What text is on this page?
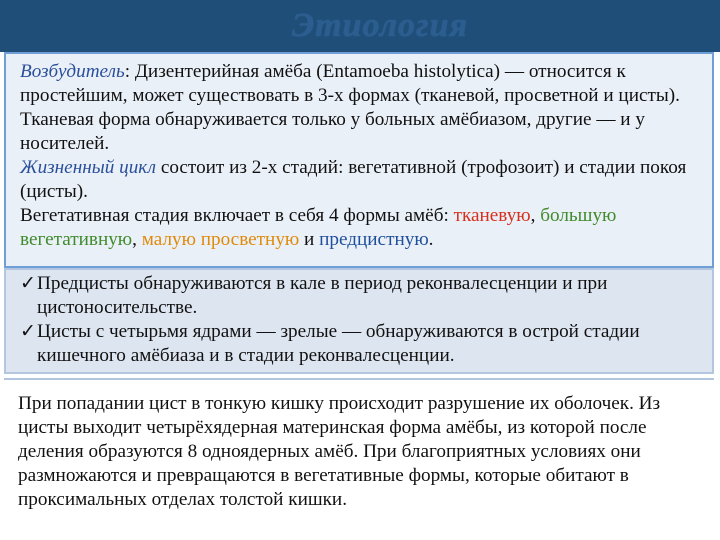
Этиология

Возбудитель: Дизентерийная амёба (Entamoeba histolytica) — относится к простейшим, может существовать в 3-х формах (тканевой, просветной и цисты). Тканевая форма обнаруживается только у больных амёбиазом, другие — и у носителей.

Жизненный цикл состоит из 2-х стадий: вегетативной (трофозоит) и стадии покоя (цисты).

Вегетативная стадия включает в себя 4 формы амёб: тканевую, большую вегетативную, малую просветную и предцистную.

✓Предцисты обнаруживаются в кале в период реконвалесценции и при цистоносительстве.
✓Цисты с четырьмя ядрами — зрелые — обнаруживаются в острой стадии кишечного амёбиаза и в стадии реконвалесценции.

При попадании цист в тонкую кишку происходит разрушение их оболочек. Из цисты выходит четырёхядерная материнская форма амёбы, из которой после деления образуются 8 одноядерных амёб. При благоприятных условиях они размножаются и превращаются в вегетативные формы, которые обитают в проксимальных отделах толстой кишки.
